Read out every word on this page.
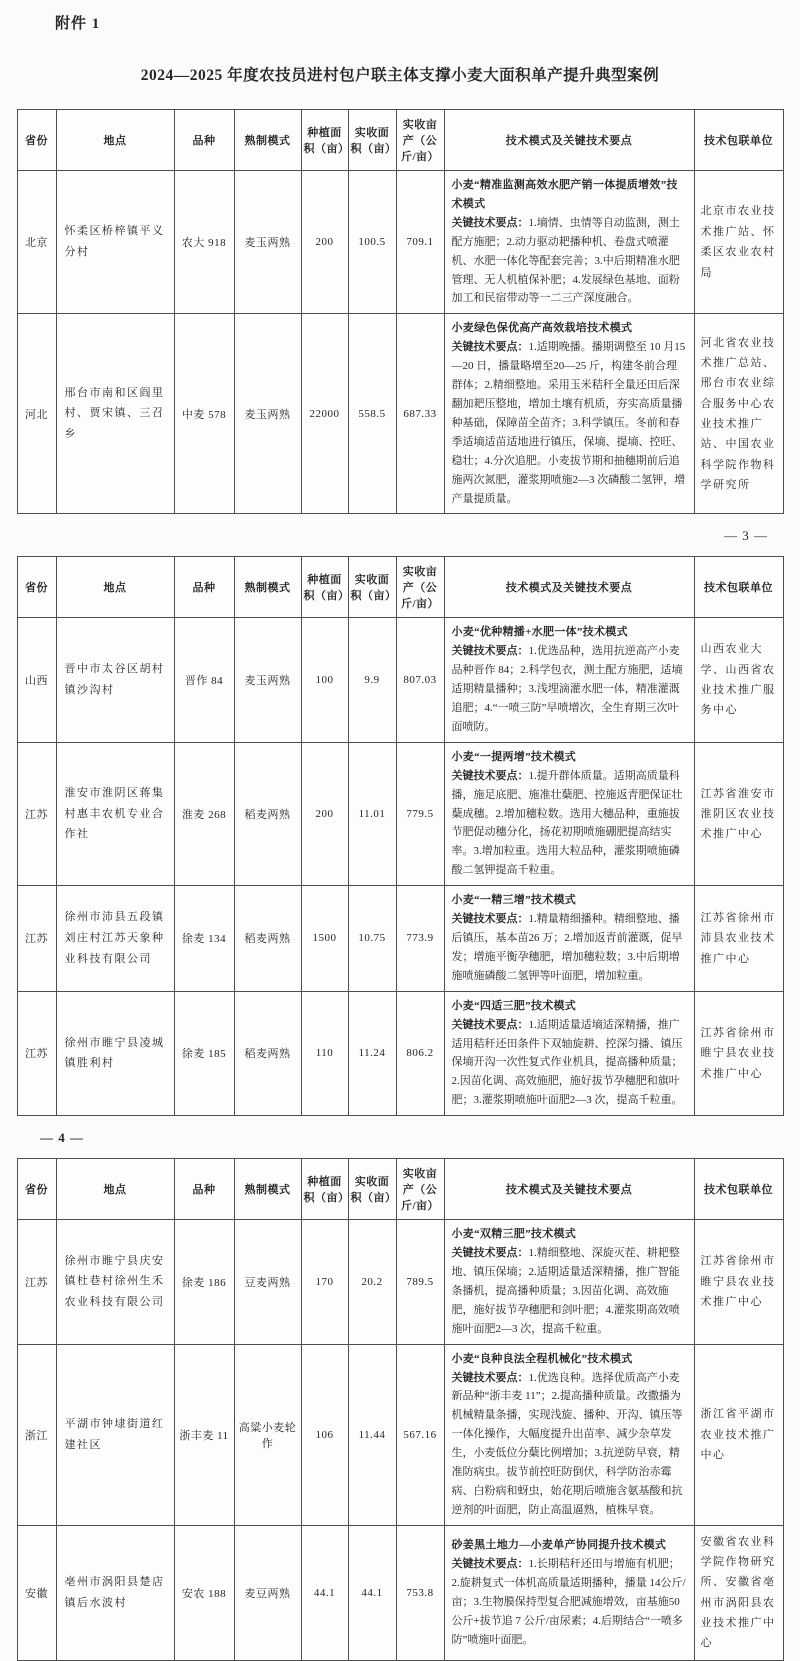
附件 1
2024—2025 年度农技员进村包户联主体支撑小麦大面积单产提升典型案例
省份	地点	品种	熟制模式	种植面积（亩）	实收面积（亩）	实收亩产（公斤/亩）	技术模式及关键技术要点	技术包联单位
北京	怀柔区桥梓镇平义分村	农大 918	麦玉两熟	200	100.5	709.1	小麦“精准监测高效水肥产销一体提质增效”技术模式
关键技术要点：1.墒情、虫情等自动监测，测土配方施肥；2.动力驱动耙播种机、卷盘式喷灌机、水肥一体化等配套完善；3.中后期精准水肥管理、无人机植保补肥；4.发展绿色基地、面粉加工和民宿带动等一二三产深度融合。	北京市农业技术推广站、怀柔区农业农村局
河北	邢台市南和区阎里村、贾宋镇、三召乡	中麦 578	麦玉两熟	22000	558.5	687.33	小麦绿色保优高产高效栽培技术模式
关键技术要点：1.适期晚播。播期调整至 10 月15—20 日，播量略增至20—25 斤，构建冬前合理群体；2.精细整地。采用玉米秸秆全量还田后深翻加耙压整地，增加土壤有机质，夯实高质量播种基础，保障苗全苗齐；3.科学镇压。冬前和春季适墒适苗适地进行镇压，保墒、提墒、控旺、稳壮；4.分次追肥。小麦拔节期和抽穗期前后追施两次氮肥，灌浆期喷施2—3 次磷酸二氢钾，增产量提质量。	河北省农业技术推广总站、邢台市农业综合服务中心农业技术推广站、中国农业科学院作物科学研究所
— 3 —
省份	地点	品种	熟制模式	种植面积（亩）	实收面积（亩）	实收亩产（公斤/亩）	技术模式及关键技术要点	技术包联单位
山西	晋中市太谷区胡村镇沙沟村	晋作 84	麦玉两熟	100	9.9	807.03	小麦“优种精播+水肥一体”技术模式
关键技术要点：1.优选品种，选用抗逆高产小麦品种晋作 84；2.科学包衣，测土配方施肥，适墒适期精量播种；3.浅埋滴灌水肥一体，精准灌溉追肥；4.“一喷三防”早喷增次，全生育期三次叶面喷防。	山西农业大学、山西省农业技术推广服务中心
江苏	淮安市淮阴区蒋集村惠丰农机专业合作社	淮麦 268	稻麦两熟	200	11.01	779.5	小麦“一提两增”技术模式
关键技术要点：1.提升群体质量。适期高质量科播，施足底肥、施准壮蘖肥、控施返青肥保证壮蘖成穗。2.增加穗粒数。选用大穗品种，重施拔节肥促动穗分化，扬花初期喷施硼肥提高结实率。3.增加粒重。选用大粒品种，灌浆期喷施磷酸二氢钾提高千粒重。	江苏省淮安市淮阴区农业技术推广中心
江苏	徐州市沛县五段镇刘庄村江苏天象种业科技有限公司	徐麦 134	稻麦两熟	1500	10.75	773.9	小麦“一精三增”技术模式
关键技术要点：1.精量精细播种。精细整地、播后镇压，基本苗26 万；2.增加返青前灌溉，促早发；增施平衡孕穗肥，增加穗粒数；3.中后期增施喷施磷酸二氢钾等叶面肥，增加粒重。	江苏省徐州市沛县农业技术推广中心
江苏	徐州市睢宁县凌城镇胜利村	徐麦 185	稻麦两熟	110	11.24	806.2	小麦“四适三肥”技术模式
关键技术要点：1.适期适量适墒适深精播，推广适用秸秆还田条件下双轴旋耕、控深匀播、镇压保墒开沟一次性复式作业机具，提高播种质量；2.因苗化调、高效施肥，施好拔节孕穗肥和旗叶肥；3.灌浆期喷施叶面肥2—3 次，提高千粒重。	江苏省徐州市睢宁县农业技术推广中心
— 4 —
省份	地点	品种	熟制模式	种植面积（亩）	实收面积（亩）	实收亩产（公斤/亩）	技术模式及关键技术要点	技术包联单位
江苏	徐州市睢宁县庆安镇杜巷村徐州生禾农业科技有限公司	徐麦 186	豆麦两熟	170	20.2	789.5	小麦“双精三肥”技术模式
关键技术要点：1.精细整地、深旋灭茬、耕耙整地、镇压保墒；2.适期适量适深精播，推广智能条播机，提高播种质量；3.因苗化调、高效施肥，施好拔节孕穗肥和剑叶肥；4.灌浆期高效喷施叶面肥2—3 次，提高千粒重。	江苏省徐州市睢宁县农业技术推广中心
浙江	平湖市钟埭街道红建社区	浙丰麦 11	高粱小麦轮作	106	11.44	567.16	小麦“良种良法全程机械化”技术模式
关键技术要点：1.优选良种。选择优质高产小麦新品种“浙丰麦 11”；2.提高播种质量。改撒播为机械精量条播，实现浅旋、播种、开沟、镇压等一体化操作，大幅度提升出苗率、减少杂草发生，小麦低位分蘖比例增加；3.抗逆防早衰，精准防病虫。拔节前控旺防倒伏，科学防治赤霉病、白粉病和蚜虫，始花期后喷施含氨基酸和抗逆剂的叶面肥，防止高温逼熟，植株早衰。	浙江省平湖市农业技术推广中心
安徽	亳州市涡阳县楚店镇后水波村	安农 188	麦豆两熟	44.1	44.1	753.8	砂姜黑土地力—小麦单产协同提升技术模式
关键技术要点：1.长期秸秆还田与增施有机肥；2.旋耕复式一体机高质量适期播种，播量 14公斤/亩；3.生物膜保持型复合肥减施增效，亩基施50 公斤+拔节追 7 公斤/亩尿素；4.后期结合“一喷多防”喷施叶面肥。	安徽省农业科学院作物研究所、安徽省亳州市涡阳县农业技术推广中心
